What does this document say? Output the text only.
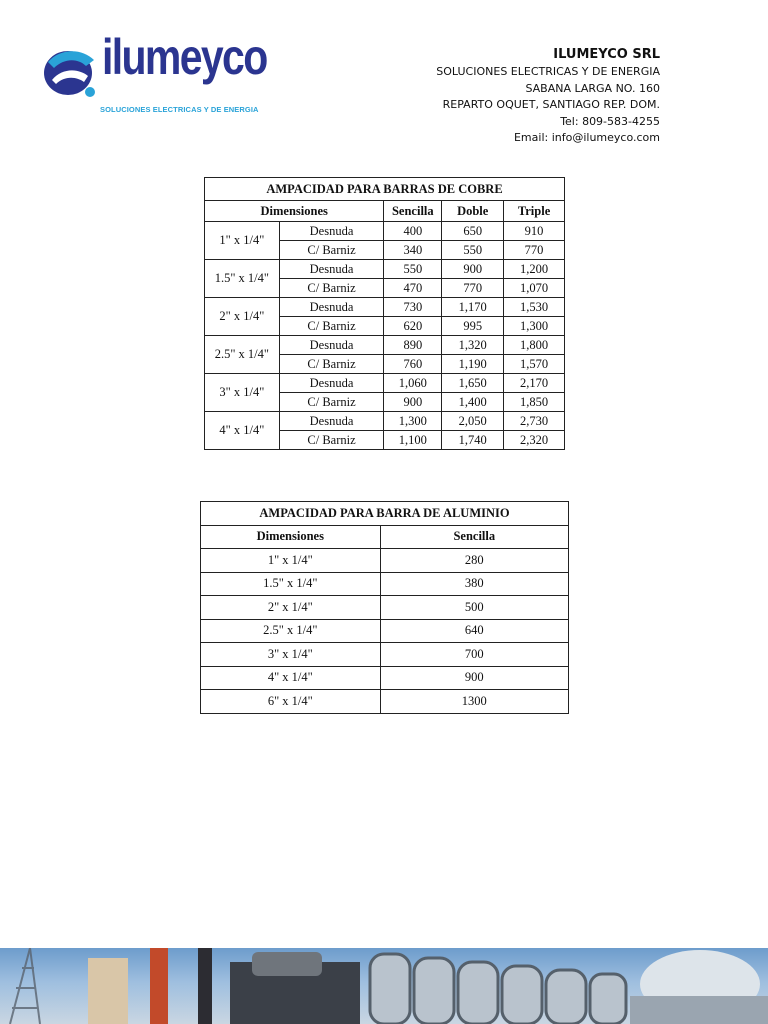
ilumeyco
SOLUCIONES ELECTRICAS Y DE ENERGIA
ILUMEYCO SRL
SOLUCIONES ELECTRICAS Y DE ENERGIA
SABANA LARGA NO. 160
REPARTO OQUET, SANTIAGO REP. DOM.
Tel: 809-583-4255
Email: info@ilumeyco.com
AMPACIDAD PARA BARRAS DE COBRE				
Dimensiones		Sencilla	Doble	Triple
1" x 1/4"	Desnuda	400	650	910
	C/ Barniz	340	550	770
1.5" x 1/4"	Desnuda	550	900	1,200
	C/ Barniz	470	770	1,070
2" x 1/4"	Desnuda	730	1,170	1,530
	C/ Barniz	620	995	1,300
2.5" x 1/4"	Desnuda	890	1,320	1,800
	C/ Barniz	760	1,190	1,570
3" x 1/4"	Desnuda	1,060	1,650	2,170
	C/ Barniz	900	1,400	1,850
4" x 1/4"	Desnuda	1,300	2,050	2,730
	C/ Barniz	1,100	1,740	2,320
AMPACIDAD PARA BARRA DE ALUMINIO	
Dimensiones	Sencilla
1" x 1/4"	280
1.5" x 1/4"	380
2" x 1/4"	500
2.5" x 1/4"	640
3" x 1/4"	700
4" x 1/4"	900
6" x 1/4"	1300
